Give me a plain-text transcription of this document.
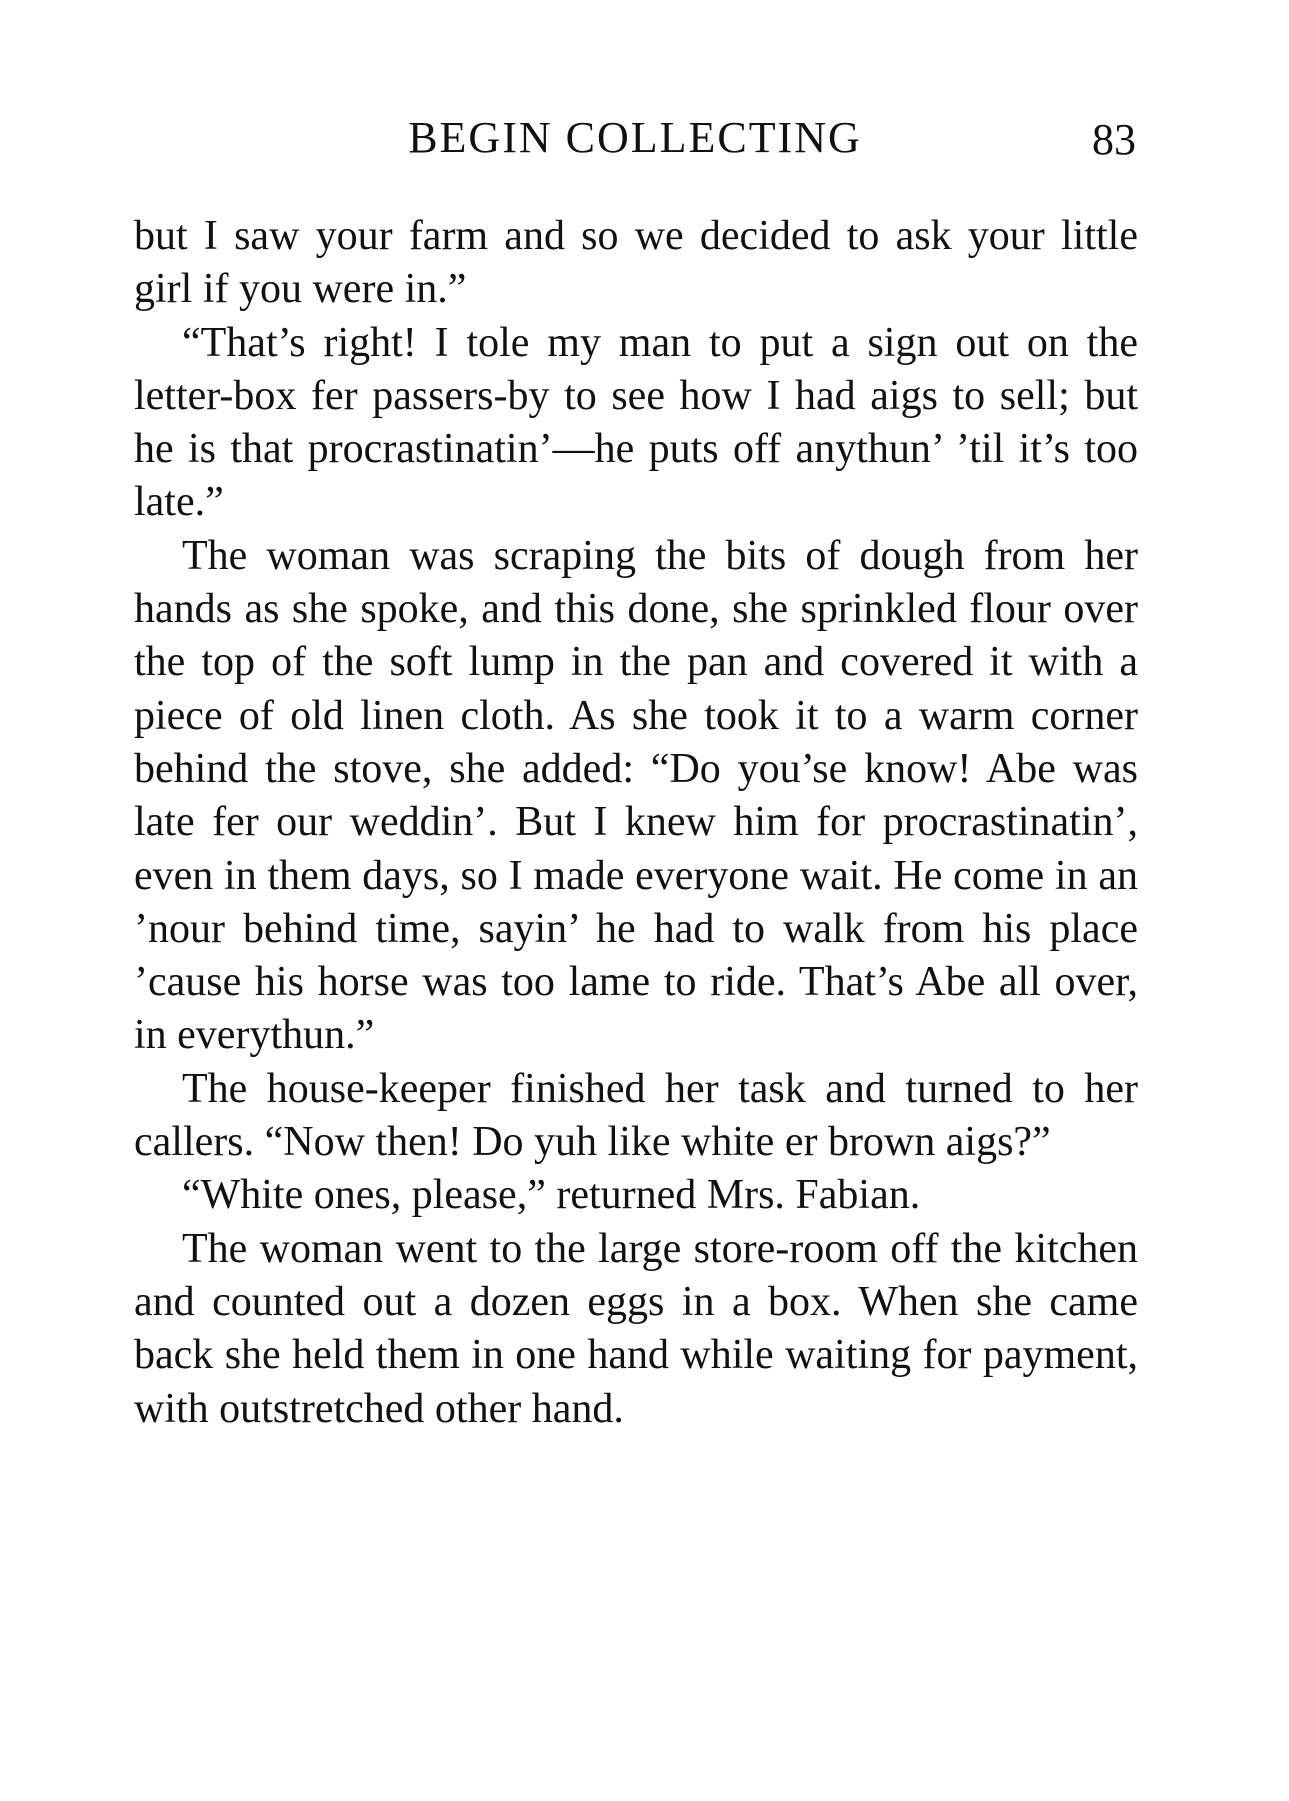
BEGIN COLLECTING	83

but I saw your farm and so we decided to ask your little girl if you were in.”

“That’s right! I tole my man to put a sign out on the letter-box fer passers-by to see how I had aigs to sell; but he is that procrastinatin’—he puts off anythun’ ’til it’s too late.”

The woman was scraping the bits of dough from her hands as she spoke, and this done, she sprinkled flour over the top of the soft lump in the pan and covered it with a piece of old linen cloth. As she took it to a warm corner behind the stove, she added: “Do you’se know! Abe was late fer our weddin’. But I knew him for procrastinatin’, even in them days, so I made everyone wait. He come in an ’nour behind time, sayin’ he had to walk from his place ’cause his horse was too lame to ride. That’s Abe all over, in everythun.”

The house-keeper finished her task and turned to her callers. “Now then! Do yuh like white er brown aigs?”

“White ones, please,” returned Mrs. Fabian.

The woman went to the large store-room off the kitchen and counted out a dozen eggs in a box. When she came back she held them in one hand while waiting for payment, with outstretched other hand.
